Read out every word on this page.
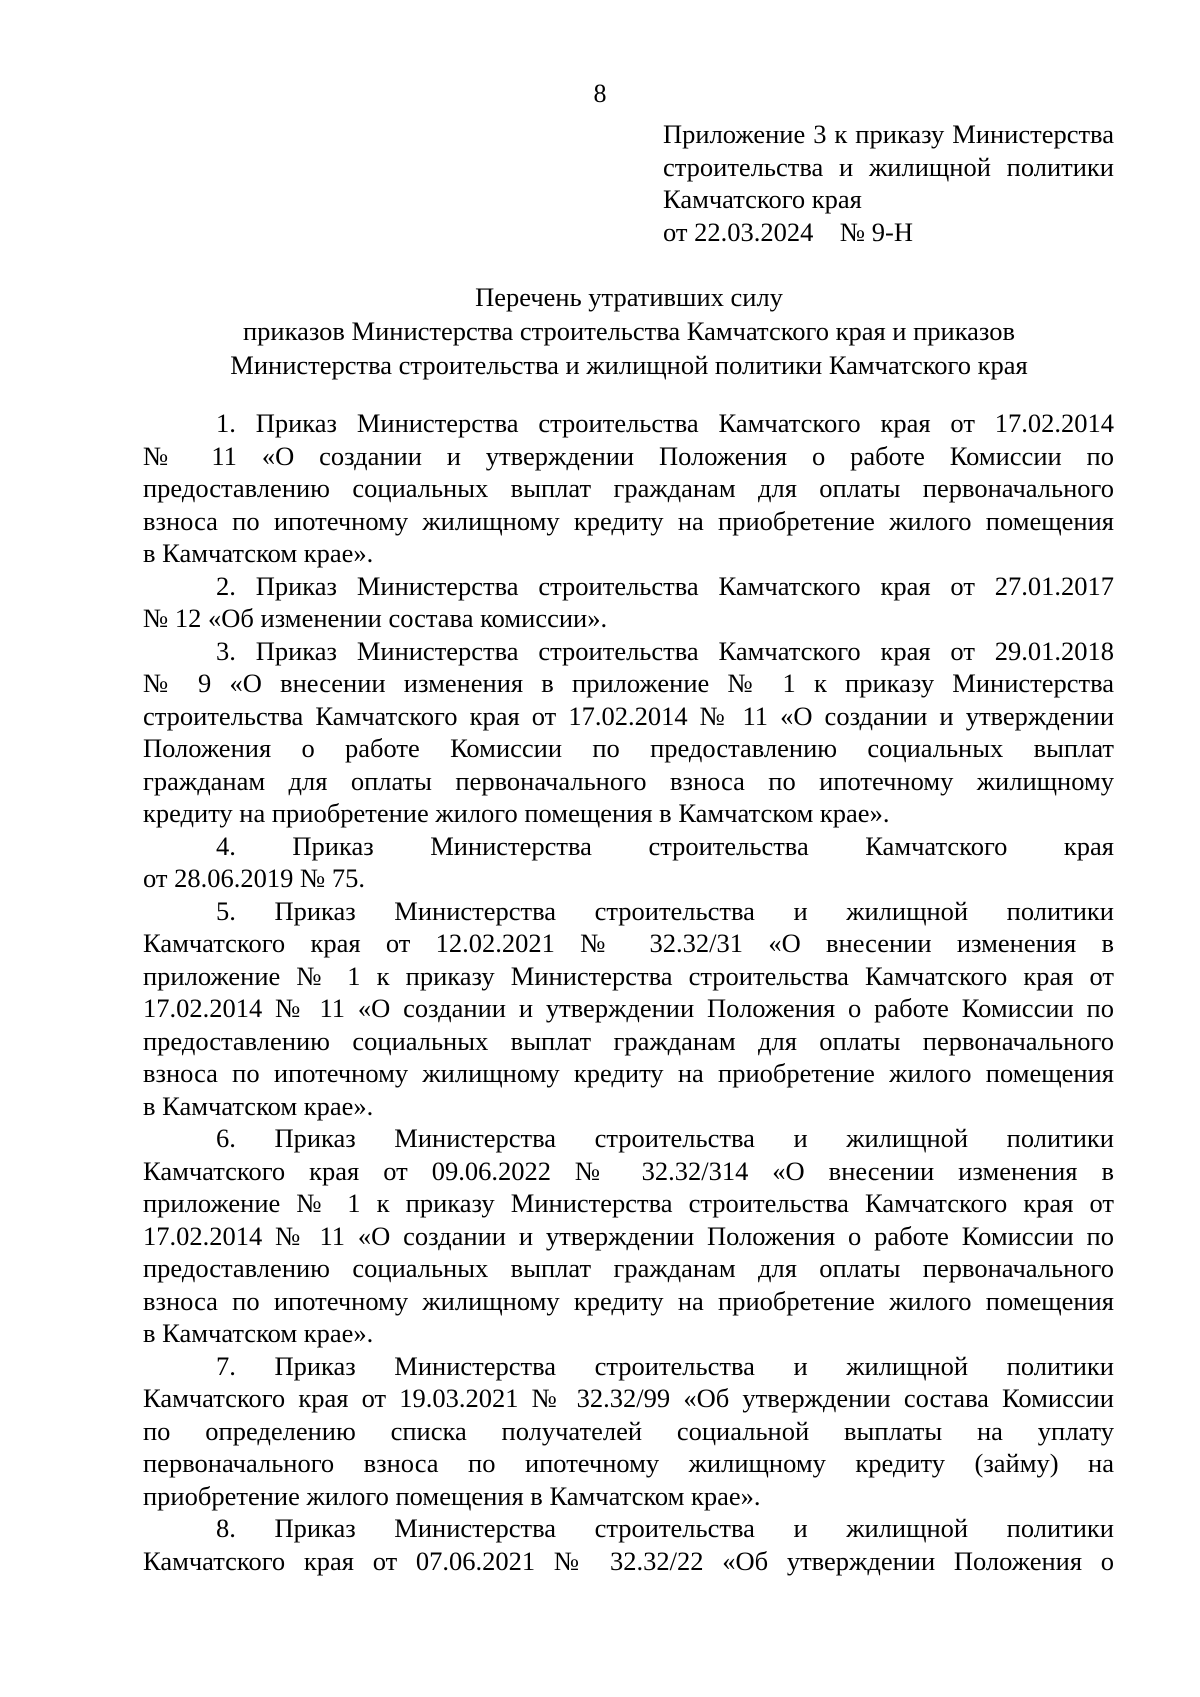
8
Приложение 3 к приказу Министерства
строительства и жилищной политики
Камчатского края
от 22.03.2024    № 9-Н
Перечень утративших силу
приказов Министерства строительства Камчатского края и приказов
Министерства строительства и жилищной политики Камчатского края
1. Приказ Министерства строительства Камчатского края от 17.02.2014
№ 11 «О создании и утверждении Положения о работе Комиссии по
предоставлению социальных выплат гражданам для оплаты первоначального
взноса по ипотечному жилищному кредиту на приобретение жилого помещения
в Камчатском крае».
2. Приказ Министерства строительства Камчатского края от 27.01.2017
№ 12 «Об изменении состава комиссии».
3. Приказ Министерства строительства Камчатского края от 29.01.2018
№ 9 «О внесении изменения в приложение № 1 к приказу Министерства
строительства Камчатского края от 17.02.2014 № 11 «О создании и утверждении
Положения о работе Комиссии по предоставлению социальных выплат
гражданам для оплаты первоначального взноса по ипотечному жилищному
кредиту на приобретение жилого помещения в Камчатском крае».
4. Приказ Министерства строительства Камчатского края
от 28.06.2019 № 75.
5. Приказ Министерства строительства и жилищной политики
Камчатского края от 12.02.2021 № 32.32/31 «О внесении изменения в
приложение № 1 к приказу Министерства строительства Камчатского края от
17.02.2014 № 11 «О создании и утверждении Положения о работе Комиссии по
предоставлению социальных выплат гражданам для оплаты первоначального
взноса по ипотечному жилищному кредиту на приобретение жилого помещения
в Камчатском крае».
6. Приказ Министерства строительства и жилищной политики
Камчатского края от 09.06.2022 № 32.32/314 «О внесении изменения в
приложение № 1 к приказу Министерства строительства Камчатского края от
17.02.2014 № 11 «О создании и утверждении Положения о работе Комиссии по
предоставлению социальных выплат гражданам для оплаты первоначального
взноса по ипотечному жилищному кредиту на приобретение жилого помещения
в Камчатском крае».
7. Приказ Министерства строительства и жилищной политики
Камчатского края от 19.03.2021 № 32.32/99 «Об утверждении состава Комиссии
по определению списка получателей социальной выплаты на уплату
первоначального взноса по ипотечному жилищному кредиту (займу) на
приобретение жилого помещения в Камчатском крае».
8. Приказ Министерства строительства и жилищной политики
Камчатского края от 07.06.2021 № 32.32/22 «Об утверждении Положения о
